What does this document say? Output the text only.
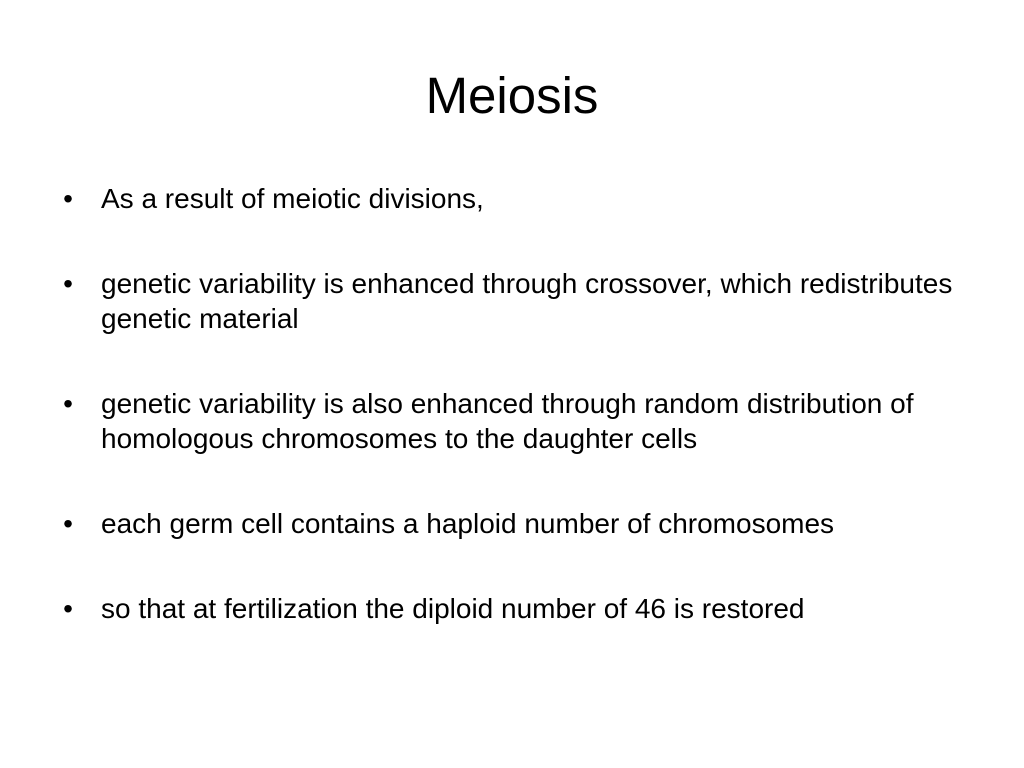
Meiosis
• As a result of meiotic divisions,
• genetic variability is enhanced through crossover, which redistributes genetic material
• genetic variability is also enhanced through random distribution of homologous chromosomes to the daughter cells
• each germ cell contains a haploid number of chromosomes
• so that at fertilization the diploid number of 46 is restored
